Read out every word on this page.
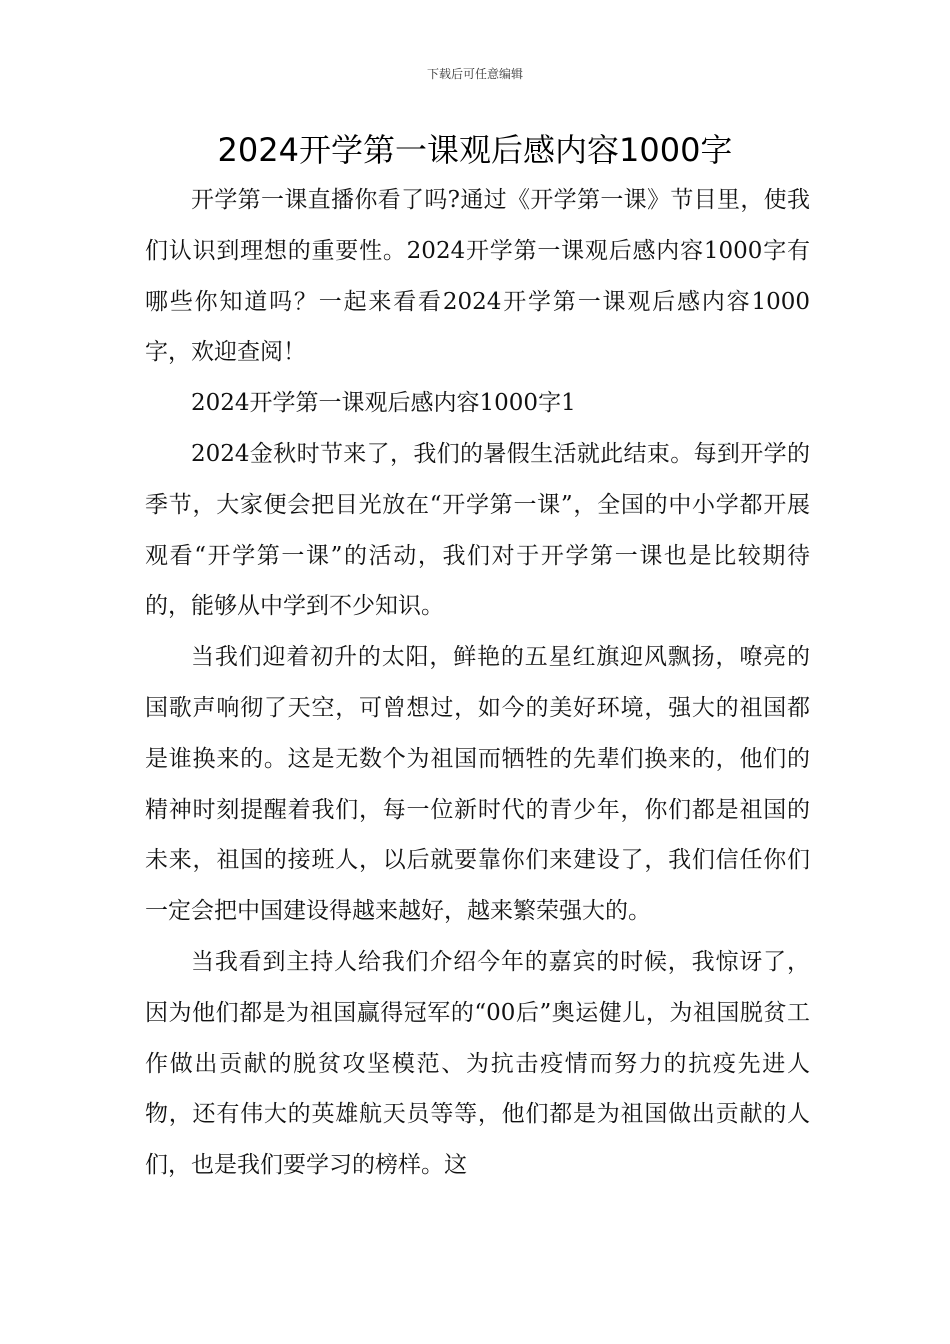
下载后可任意编辑
2024开学第一课观后感内容1000字

开学第一课直播你看了吗?通过《开学第一课》节目里，使我们认识到理想的重要性。2024开学第一课观后感内容1000字有哪些你知道吗？一起来看看2024开学第一课观后感内容1000字，欢迎查阅！

2024开学第一课观后感内容1000字1

2024金秋时节来了，我们的暑假生活就此结束。每到开学的季节，大家便会把目光放在“开学第一课”，全国的中小学都开展观看“开学第一课”的活动，我们对于开学第一课也是比较期待的，能够从中学到不少知识。

当我们迎着初升的太阳，鲜艳的五星红旗迎风飘扬，嘹亮的国歌声响彻了天空，可曾想过，如今的美好环境，强大的祖国都是谁换来的。这是无数个为祖国而牺牲的先辈们换来的，他们的精神时刻提醒着我们，每一位新时代的青少年，你们都是祖国的未来，祖国的接班人，以后就要靠你们来建设了，我们信任你们一定会把中国建设得越来越好，越来繁荣强大的。

当我看到主持人给我们介绍今年的嘉宾的时候，我惊讶了，因为他们都是为祖国赢得冠军的“00后”奥运健儿，为祖国脱贫工作做出贡献的脱贫攻坚模范、为抗击疫情而努力的抗疫先进人物，还有伟大的英雄航天员等等，他们都是为祖国做出贡献的人们，也是我们要学习的榜样。这
